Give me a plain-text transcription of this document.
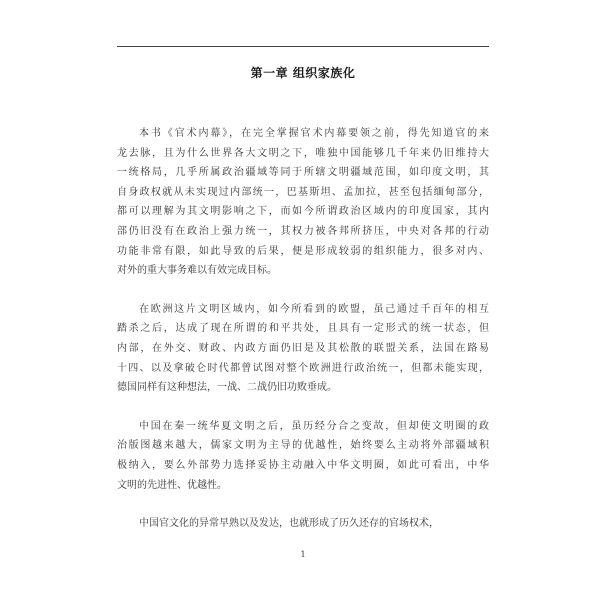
第一章 组织家族化

本书《官术内幕》，在完全掌握官术内幕要领之前，得先知道官的来
龙去脉，且为什么世界各大文明之下，唯独中国能够几千年来仍旧维持大
一统格局，几乎所属政治疆域等同于所辖文明疆域范围，如印度文明，其
自身政权就从未实现过内部统一，巴基斯坦、孟加拉，甚至包括缅甸部分，
都可以理解为其文明影响之下，而如今所谓政治区域内的印度国家，其内
部仍旧没有在政治上强力统一，其权力被各邦所挤压，中央对各邦的行动
功能非常有限，如此导致的后果，便是形成较弱的组织能力，很多对内、
对外的重大事务难以有效完成目标。

在欧洲这片文明区域内，如今所看到的欧盟，虽己通过千百年的相互
踏杀之后，达成了现在所谓的和平共处，且具有一定形式的统一状态，但
内部，在外交、财政、内政方面仍旧是及其松散的联盟关系，法国在路易
十四、以及拿破仑时代都曾试图对整个欧洲进行政治统一，但都未能实现，
德国同样有这种想法，一战、二战仍旧功败垂成。

中国在秦一统华夏文明之后，虽历经分合之变故，但却使文明圈的政
治版图越来越大，儒家文明为主导的优越性，始终要么主动将外部疆域积
极纳入，要么外部势力选择妥协主动融入中华文明圈，如此可看出，中华
文明的先进性、优越性。

中国官文化的异常早熟以及发达，也就形成了历久还存的官场权术，

1
